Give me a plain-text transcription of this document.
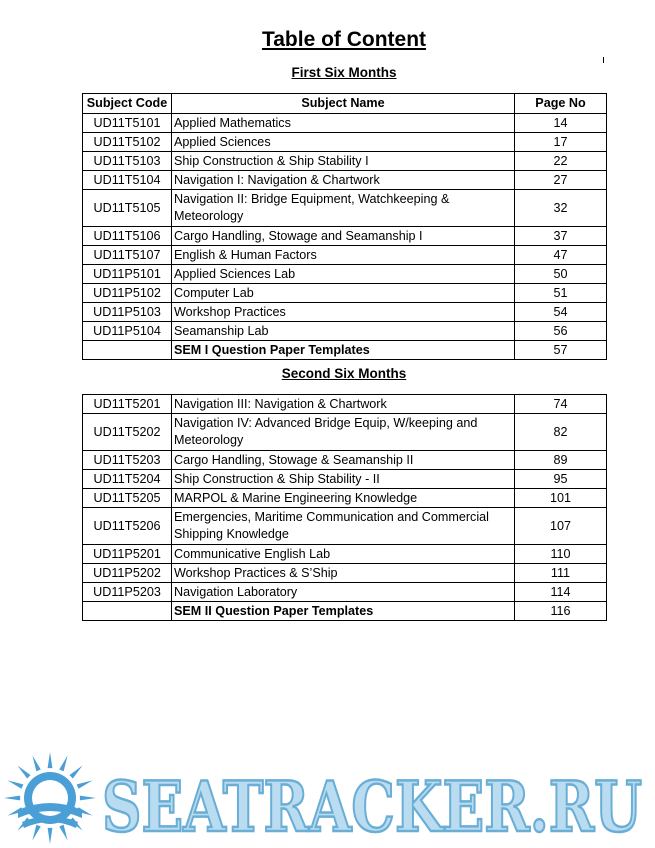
Table of Content
First Six Months
Subject Code	Subject Name	Page No
UD11T5101	Applied Mathematics	14
UD11T5102	Applied Sciences	17
UD11T5103	Ship Construction & Ship Stability I	22
UD11T5104	Navigation I: Navigation & Chartwork	27
UD11T5105	Navigation II: Bridge Equipment, Watchkeeping & Meteorology	32
UD11T5106	Cargo Handling, Stowage and Seamanship I	37
UD11T5107	English & Human Factors	47
UD11P5101	Applied Sciences Lab	50
UD11P5102	Computer Lab	51
UD11P5103	Workshop Practices	54
UD11P5104	Seamanship Lab	56
	SEM I Question Paper Templates	57
Second Six Months
UD11T5201	Navigation III: Navigation & Chartwork	74
UD11T5202	Navigation IV: Advanced Bridge Equip, W/keeping and Meteorology	82
UD11T5203	Cargo Handling, Stowage & Seamanship II	89
UD11T5204	Ship Construction & Ship Stability - II	95
UD11T5205	MARPOL & Marine Engineering Knowledge	101
UD11T5206	Emergencies, Maritime Communication and Commercial Shipping Knowledge	107
UD11P5201	Communicative English Lab	110
UD11P5202	Workshop Practices & S’Ship	111
UD11P5203	Navigation Laboratory	114
	SEM II Question Paper Templates	116
SEATRACKER.RU
